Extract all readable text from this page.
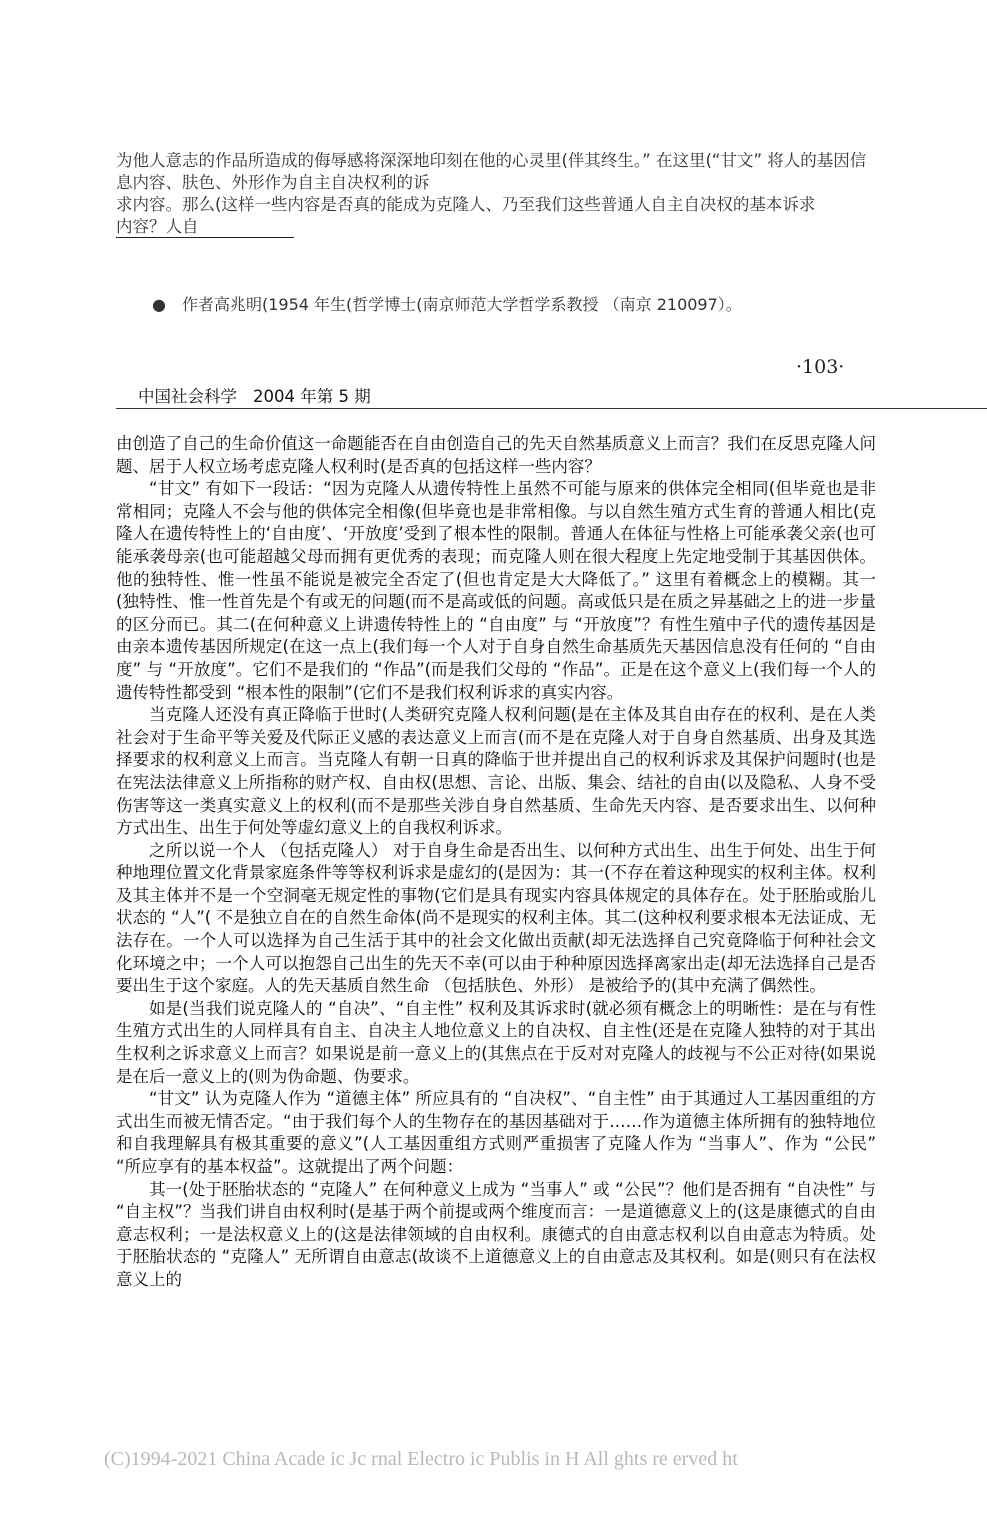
为他人意志的作品所造成的侮辱感将深深地印刻在他的心灵里(伴其终生。” 在这里(“甘文” 将人的基因信息内容、肤色、外形作为自主自决权利的诉

求内容。那么(这样一些内容是否真的能成为克隆人、乃至我们这些普通人自主自决权的基本诉求

内容？人自

● 作者高兆明(1954 年生(哲学博士(南京师范大学哲学系教授 （南京 210097）。
·103·
中国社会科学 2004 年第 5 期

由创造了自己的生命价值这一命题能否在自由创造自己的先天自然基质意义上而言？我们在反思克隆人问题、居于人权立场考虑克隆人权利时(是否真的包括这样一些内容？

“甘文” 有如下一段话：“因为克隆人从遗传特性上虽然不可能与原来的供体完全相同(但毕竟也是非常相同；克隆人不会与他的供体完全相像(但毕竟也是非常相像。与以自然生殖方式生育的普通人相比(克隆人在遗传特性上的‘自由度’、‘开放度’受到了根本性的限制。普通人在体征与性格上可能承袭父亲(也可能承袭母亲(也可能超越父母而拥有更优秀的表现；而克隆人则在很大程度上先定地受制于其基因供体。他的独特性、惟一性虽不能说是被完全否定了(但也肯定是大大降低了。” 这里有着概念上的模糊。其一(独特性、惟一性首先是个有或无的问题(而不是高或低的问题。高或低只是在质之异基础之上的进一步量的区分而已。其二(在何种意义上讲遗传特性上的 “自由度” 与 “开放度”？有性生殖中子代的遗传基因是由亲本遗传基因所规定(在这一点上(我们每一个人对于自身自然生命基质先天基因信息没有任何的 “自由度” 与 “开放度”。它们不是我们的 “作品”(而是我们父母的 “作品”。正是在这个意义上(我们每一个人的遗传特性都受到 “根本性的限制”(它们不是我们权利诉求的真实内容。

当克隆人还没有真正降临于世时(人类研究克隆人权利问题(是在主体及其自由存在的权利、是在人类社会对于生命平等关爱及代际正义感的表达意义上而言(而不是在克隆人对于自身自然基质、出身及其选择要求的权利意义上而言。当克隆人有朝一日真的降临于世并提出自己的权利诉求及其保护问题时(也是在宪法法律意义上所指称的财产权、自由权(思想、言论、出版、集会、结社的自由(以及隐私、人身不受伤害等这一类真实意义上的权利(而不是那些关涉自身自然基质、生命先天内容、是否要求出生、以何种方式出生、出生于何处等虚幻意义上的自我权利诉求。

之所以说一个人 （包括克隆人） 对于自身生命是否出生、以何种方式出生、出生于何处、出生于何种地理位置文化背景家庭条件等等权利诉求是虚幻的(是因为：其一(不存在着这种现实的权利主体。权利及其主体并不是一个空洞毫无规定性的事物(它们是具有现实内容具体规定的具体存在。处于胚胎或胎儿状态的 “人”( 不是独立自在的自然生命体(尚不是现实的权利主体。其二(这种权利要求根本无法证成、无法存在。一个人可以选择为自己生活于其中的社会文化做出贡献(却无法选择自己究竟降临于何种社会文化环境之中；一个人可以抱怨自己出生的先天不幸(可以由于种种原因选择离家出走(却无法选择自己是否要出生于这个家庭。人的先天基质自然生命 （包括肤色、外形） 是被给予的(其中充满了偶然性。

如是(当我们说克隆人的 “自决”、“自主性” 权利及其诉求时(就必须有概念上的明晰性：是在与有性生殖方式出生的人同样具有自主、自决主人地位意义上的自决权、自主性(还是在克隆人独特的对于其出生权利之诉求意义上而言？如果说是前一意义上的(其焦点在于反对对克隆人的歧视与不公正对待(如果说是在后一意义上的(则为伪命题、伪要求。

“甘文” 认为克隆人作为 “道德主体” 所应具有的 “自决权”、“自主性” 由于其通过人工基因重组的方式出生而被无情否定。“由于我们每个人的生物存在的基因基础对于……作为道德主体所拥有的独特地位和自我理解具有极其重要的意义”(人工基因重组方式则严重损害了克隆人作为 “当事人”、作为 “公民” “所应享有的基本权益”。这就提出了两个问题：

其一(处于胚胎状态的 “克隆人” 在何种意义上成为 “当事人” 或 “公民”？他们是否拥有 “自决性” 与 “自主权”？当我们讲自由权利时(是基于两个前提或两个维度而言：一是道德意义上的(这是康德式的自由意志权利；一是法权意义上的(这是法律领域的自由权利。康德式的自由意志权利以自由意志为特质。处于胚胎状态的 “克隆人” 无所谓自由意志(故谈不上道德意义上的自由意志及其权利。如是(则只有在法权意义上的

(C)1994-2021 China Acade ic Jc rnal Electro ic Publis in H All ghts re erved ht
